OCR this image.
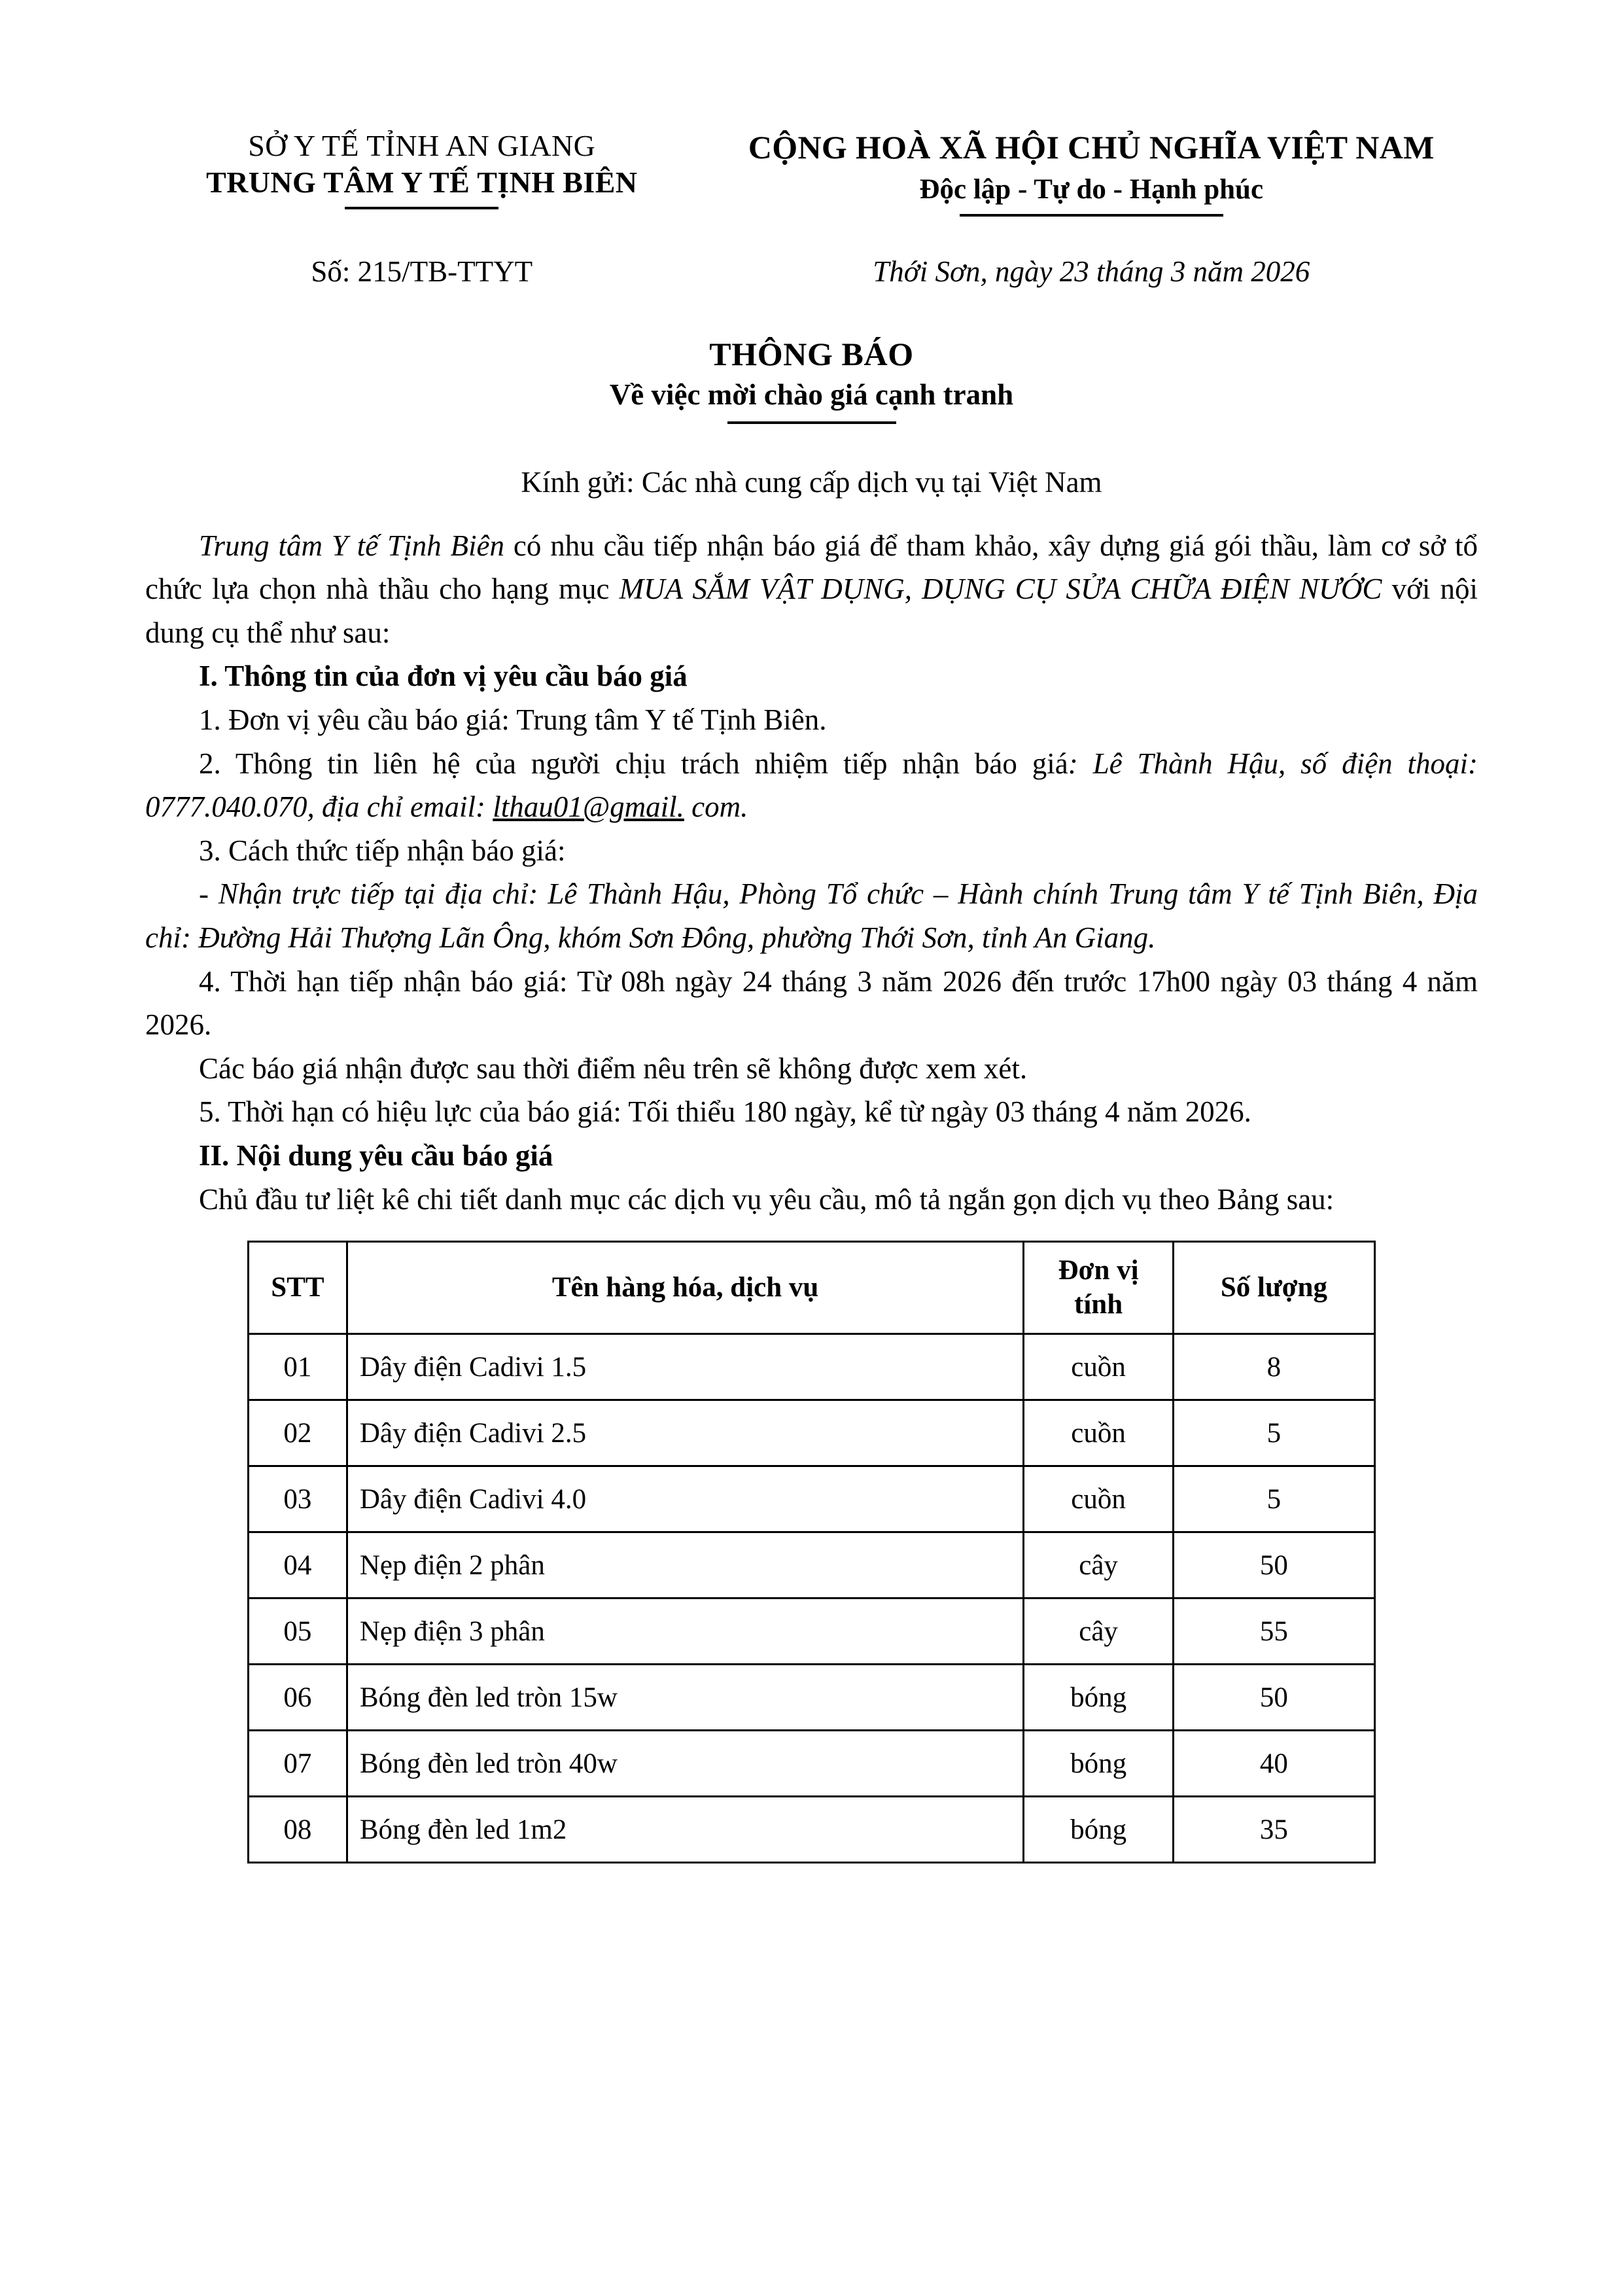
SỞ Y TẾ TỈNH AN GIANG
TRUNG TÂM Y TẾ TỊNH BIÊN
CỘNG HOÀ XÃ HỘI CHỦ NGHĨA VIỆT NAM
Độc lập - Tự do - Hạnh phúc
Số: 215/TB-TTYT	Thới Sơn, ngày 23 tháng 3 năm 2026
THÔNG BÁO
Về việc mời chào giá cạnh tranh
Kính gửi: Các nhà cung cấp dịch vụ tại Việt Nam

Trung tâm Y tế Tịnh Biên có nhu cầu tiếp nhận báo giá để tham khảo, xây dựng giá gói thầu, làm cơ sở tổ chức lựa chọn nhà thầu cho hạng mục MUA SẮM VẬT DỤNG, DỤNG CỤ SỬA CHỮA ĐIỆN NƯỚC với nội dung cụ thể như sau:

I. Thông tin của đơn vị yêu cầu báo giá

1. Đơn vị yêu cầu báo giá: Trung tâm Y tế Tịnh Biên.

2. Thông tin liên hệ của người chịu trách nhiệm tiếp nhận báo giá: Lê Thành Hậu, số điện thoại: 0777.040.070, địa chỉ email: lthau01@gmail. com.

3. Cách thức tiếp nhận báo giá:

- Nhận trực tiếp tại địa chỉ: Lê Thành Hậu, Phòng Tổ chức – Hành chính Trung tâm Y tế Tịnh Biên, Địa chỉ: Đường Hải Thượng Lãn Ông, khóm Sơn Đông, phường Thới Sơn, tỉnh An Giang.

4. Thời hạn tiếp nhận báo giá: Từ 08h ngày 24 tháng 3 năm 2026 đến trước 17h00 ngày 03 tháng 4 năm 2026.

Các báo giá nhận được sau thời điểm nêu trên sẽ không được xem xét.

5. Thời hạn có hiệu lực của báo giá: Tối thiểu 180 ngày, kể từ ngày 03 tháng 4 năm 2026.

II. Nội dung yêu cầu báo giá

Chủ đầu tư liệt kê chi tiết danh mục các dịch vụ yêu cầu, mô tả ngắn gọn dịch vụ theo Bảng sau:

STT	Tên hàng hóa, dịch vụ	Đơn vị tính	Số lượng
01	Dây điện Cadivi 1.5	cuồn	8
02	Dây điện Cadivi 2.5	cuồn	5
03	Dây điện Cadivi 4.0	cuồn	5
04	Nẹp điện 2 phân	cây	50
05	Nẹp điện 3 phân	cây	55
06	Bóng đèn led tròn 15w	bóng	50
07	Bóng đèn led tròn 40w	bóng	40
08	Bóng đèn led 1m2	bóng	35
